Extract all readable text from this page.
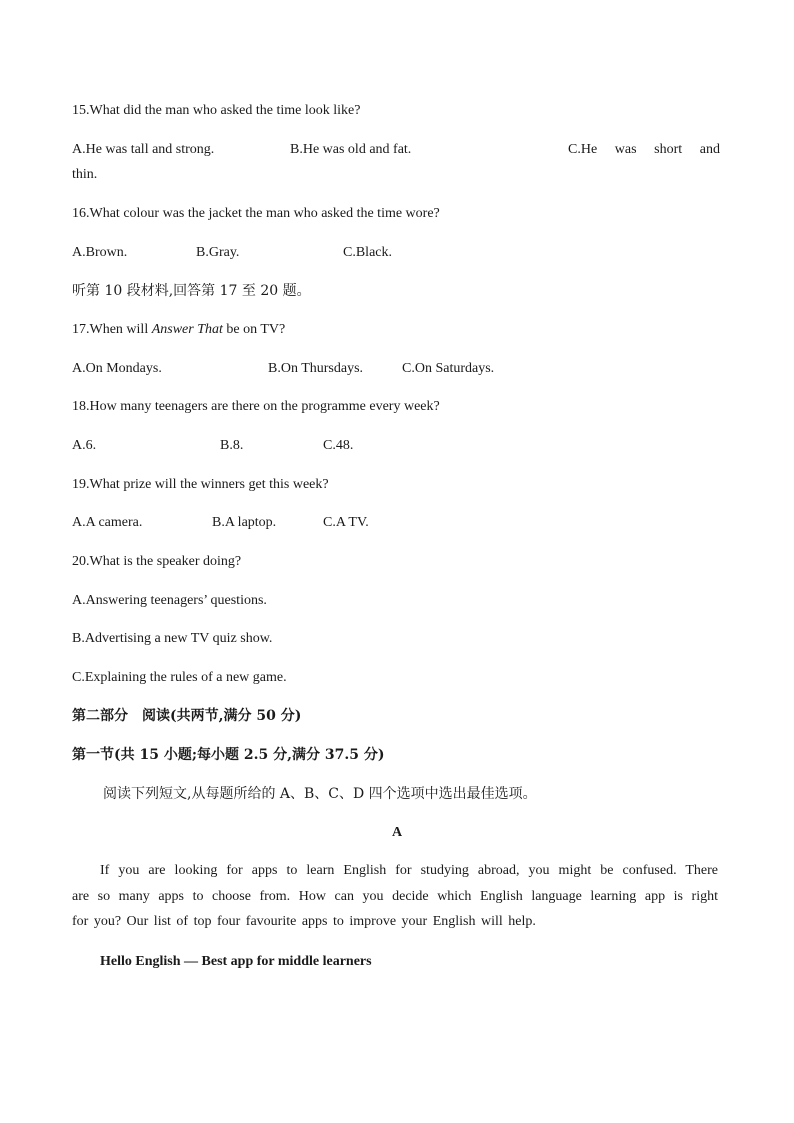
15.What did the man who asked the time look like?
A.He was tall and strong.	B.He was old and fat.	C.He was short and
thin.
16.What colour was the jacket the man who asked the time wore?
A.Brown.	B.Gray.	C.Black.
听第 10 段材料,回答第 17 至 20 题。
17.When will Answer That be on TV?
A.On Mondays.	B.On Thursdays.	C.On Saturdays.
18.How many teenagers are there on the programme every week?
A.6.	B.8.	C.48.
19.What prize will the winners get this week?
A.A camera.	B.A laptop.	C.A TV.
20.What is the speaker doing?
A.Answering teenagers’ questions.
B.Advertising a new TV quiz show.
C.Explaining the rules of a new game.
第二部分　阅读(共两节,满分 50 分)
第一节(共 15 小题;每小题 2.5 分,满分 37.5 分)
阅读下列短文,从每题所给的 A、B、C、D 四个选项中选出最佳选项。
A
If you are looking for apps to learn English for studying abroad, you might be confused. There
are so many apps to choose from. How can you decide which English language learning app is right
for you? Our list of top four favourite apps to improve your English will help.
Hello English — Best app for middle learners
